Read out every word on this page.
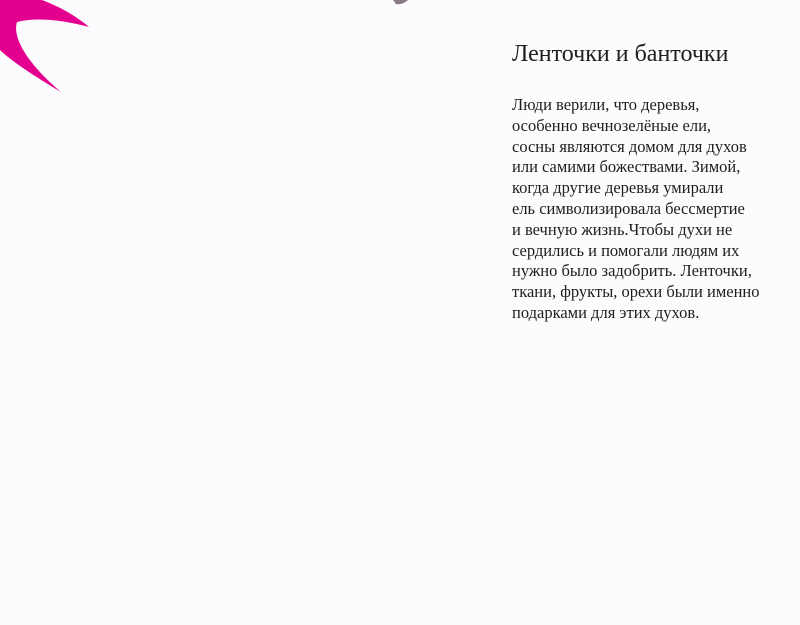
Ленточки и банточки

Люди верили, что деревья,
особенно вечнозелёные ели,
сосны являются домом для духов
или самими божествами. Зимой,
когда другие деревья умирали
ель символизировала бессмертие
и вечную жизнь.Чтобы духи не
сердились и помогали людям их
нужно было задобрить. Ленточки,
ткани, фрукты, орехи были именно
подарками для этих духов.
